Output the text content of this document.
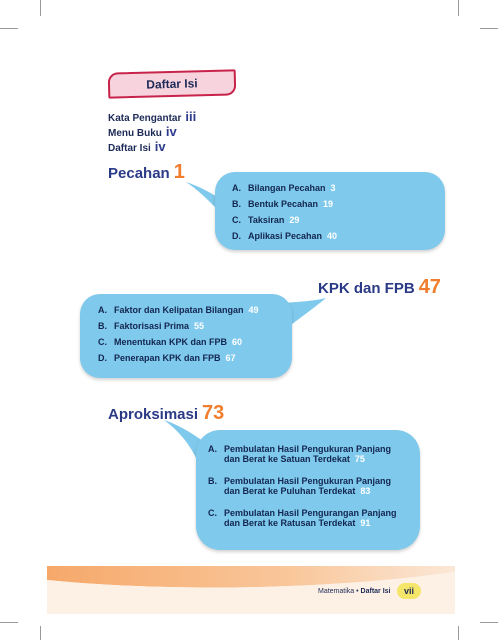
Daftar Isi
Kata Pengantar iii
Menu Buku iv
Daftar Isi iv
Pecahan 1
A. Bilangan Pecahan 3
B. Bentuk Pecahan 19
C. Taksiran 29
D. Aplikasi Pecahan 40
KPK dan FPB 47
A. Faktor dan Kelipatan Bilangan 49
B. Faktorisasi Prima 55
C. Menentukan KPK dan FPB 60
D. Penerapan KPK dan FPB 67
Aproksimasi 73
A. Pembulatan Hasil Pengukuran Panjang
dan Berat ke Satuan Terdekat 75
B. Pembulatan Hasil Pengukuran Panjang
dan Berat ke Puluhan Terdekat 83
C. Pembulatan Hasil Pengurangan Panjang
dan Berat ke Ratusan Terdekat 91
Matematika • Daftar Isi vii
